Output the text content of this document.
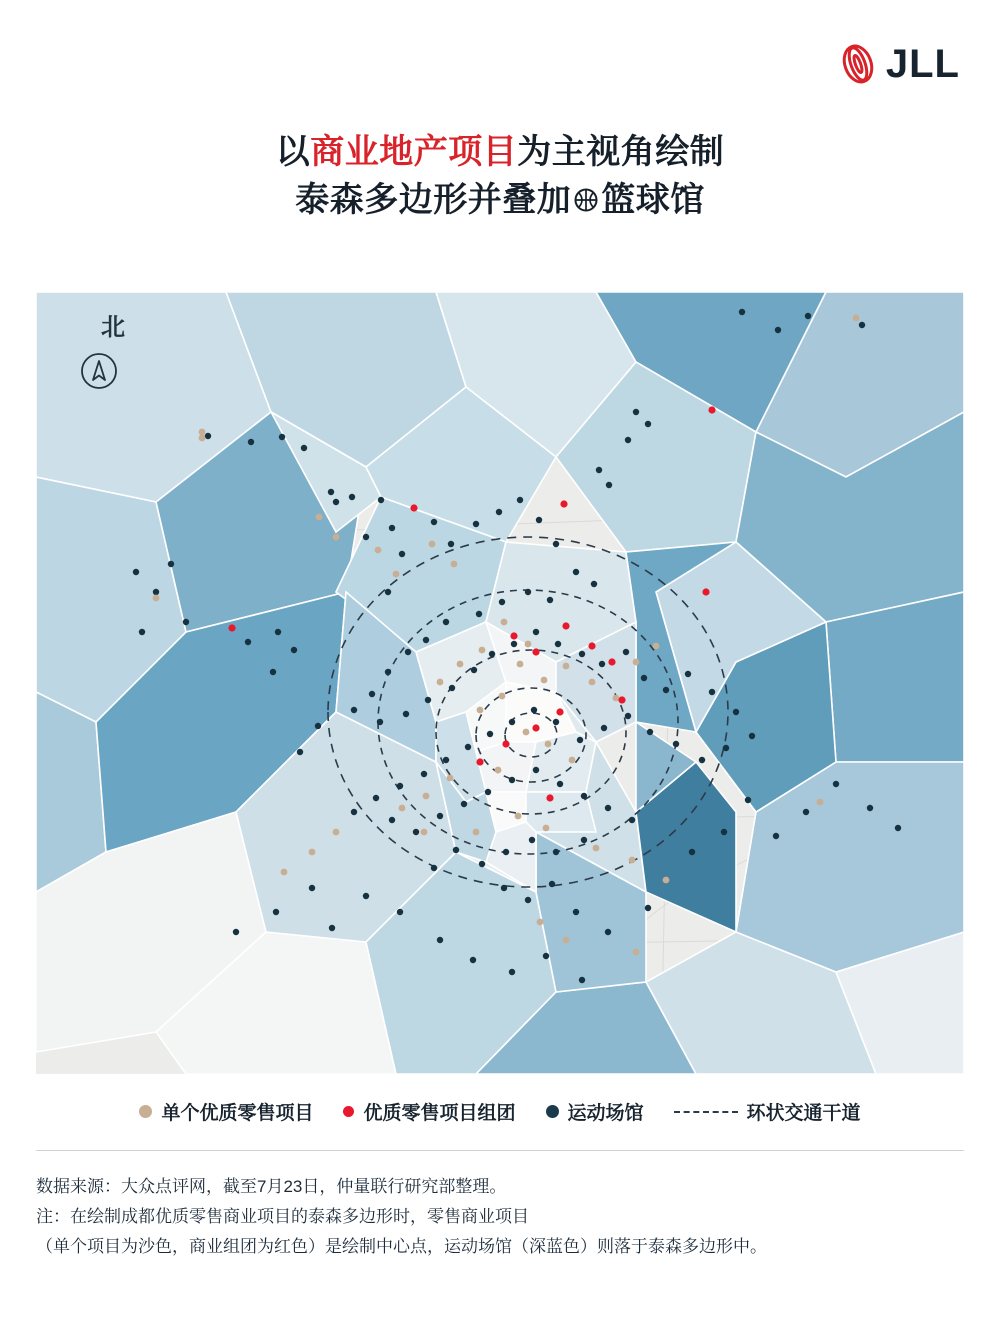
JLL
以商业地产项目为主视角绘制
泰森多边形并叠加 篮球馆
北
单个优质零售项目	优质零售项目组团	运动场馆	环状交通干道
数据来源：大众点评网，截至7月23日，仲量联行研究部整理。
注：在绘制成都优质零售商业项目的泰森多边形时，零售商业项目
（单个项目为沙色，商业组团为红色）是绘制中心点，运动场馆（深蓝色）则落于泰森多边形中。
